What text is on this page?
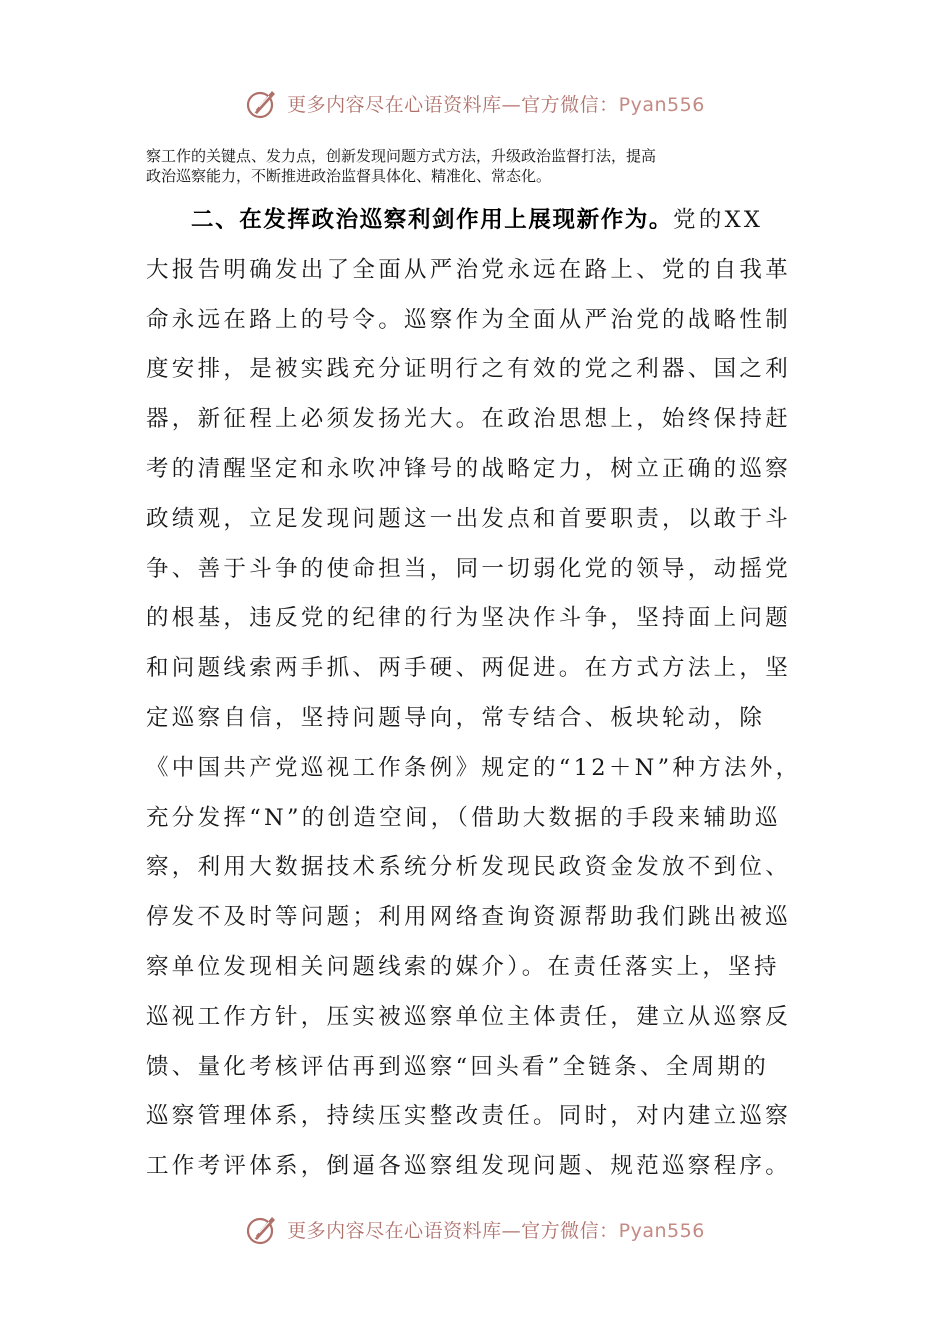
更多内容尽在心语资料库—官方微信：Pyan556
察工作的关键点、发力点，创新发现问题方式方法，升级政治监督打法，提高
政治巡察能力，不断推进政治监督具体化、精准化、常态化。
二、在发挥政治巡察利剑作用上展现新作为。党的XX
大报告明确发出了全面从严治党永远在路上、党的自我革
命永远在路上的号令。巡察作为全面从严治党的战略性制
度安排，是被实践充分证明行之有效的党之利器、国之利
器，新征程上必须发扬光大。在政治思想上，始终保持赶
考的清醒坚定和永吹冲锋号的战略定力，树立正确的巡察
政绩观，立足发现问题这一出发点和首要职责，以敢于斗
争、善于斗争的使命担当，同一切弱化党的领导，动摇党
的根基，违反党的纪律的行为坚决作斗争，坚持面上问题
和问题线索两手抓、两手硬、两促进。在方式方法上，坚
定巡察自信，坚持问题导向，常专结合、板块轮动，除
《中国共产党巡视工作条例》规定的“12＋N”种方法外，
充分发挥“N”的创造空间，（借助大数据的手段来辅助巡
察，利用大数据技术系统分析发现民政资金发放不到位、
停发不及时等问题；利用网络查询资源帮助我们跳出被巡
察单位发现相关问题线索的媒介）。在责任落实上，坚持
巡视工作方针，压实被巡察单位主体责任，建立从巡察反
馈、量化考核评估再到巡察“回头看”全链条、全周期的
巡察管理体系，持续压实整改责任。同时，对内建立巡察
工作考评体系，倒逼各巡察组发现问题、规范巡察程序。
更多内容尽在心语资料库—官方微信：Pyan556
